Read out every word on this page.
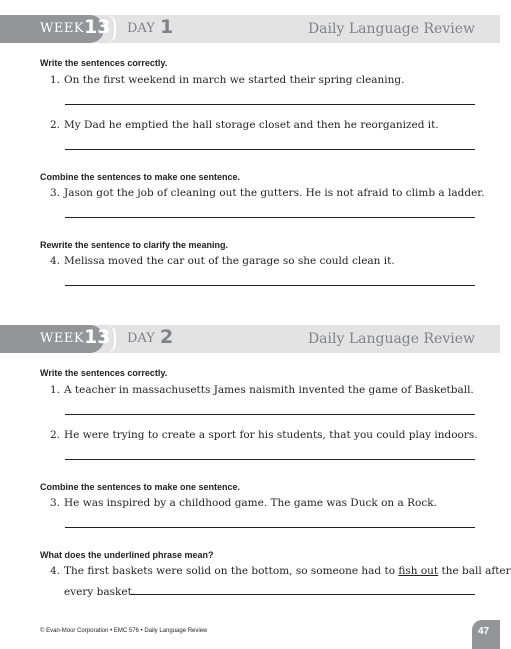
WEEK 13 DAY 1	Daily Language Review
Write the sentences correctly.
1. On the first weekend in march we started their spring cleaning.
2. My Dad he emptied the hall storage closet and then he reorganized it.
Combine the sentences to make one sentence.
3. Jason got the job of cleaning out the gutters. He is not afraid to climb a ladder.
Rewrite the sentence to clarify the meaning.
4. Melissa moved the car out of the garage so she could clean it.
WEEK 13 DAY 2	Daily Language Review
Write the sentences correctly.
1. A teacher in massachusetts James naismith invented the game of Basketball.
2. He were trying to create a sport for his students, that you could play indoors.
Combine the sentences to make one sentence.
3. He was inspired by a childhood game. The game was Duck on a Rock.
What does the underlined phrase mean?
4. The first baskets were solid on the bottom, so someone had to fish out the ball after
every basket.
© Evan-Moor Corporation • EMC 576 • Daily Language Review	47
